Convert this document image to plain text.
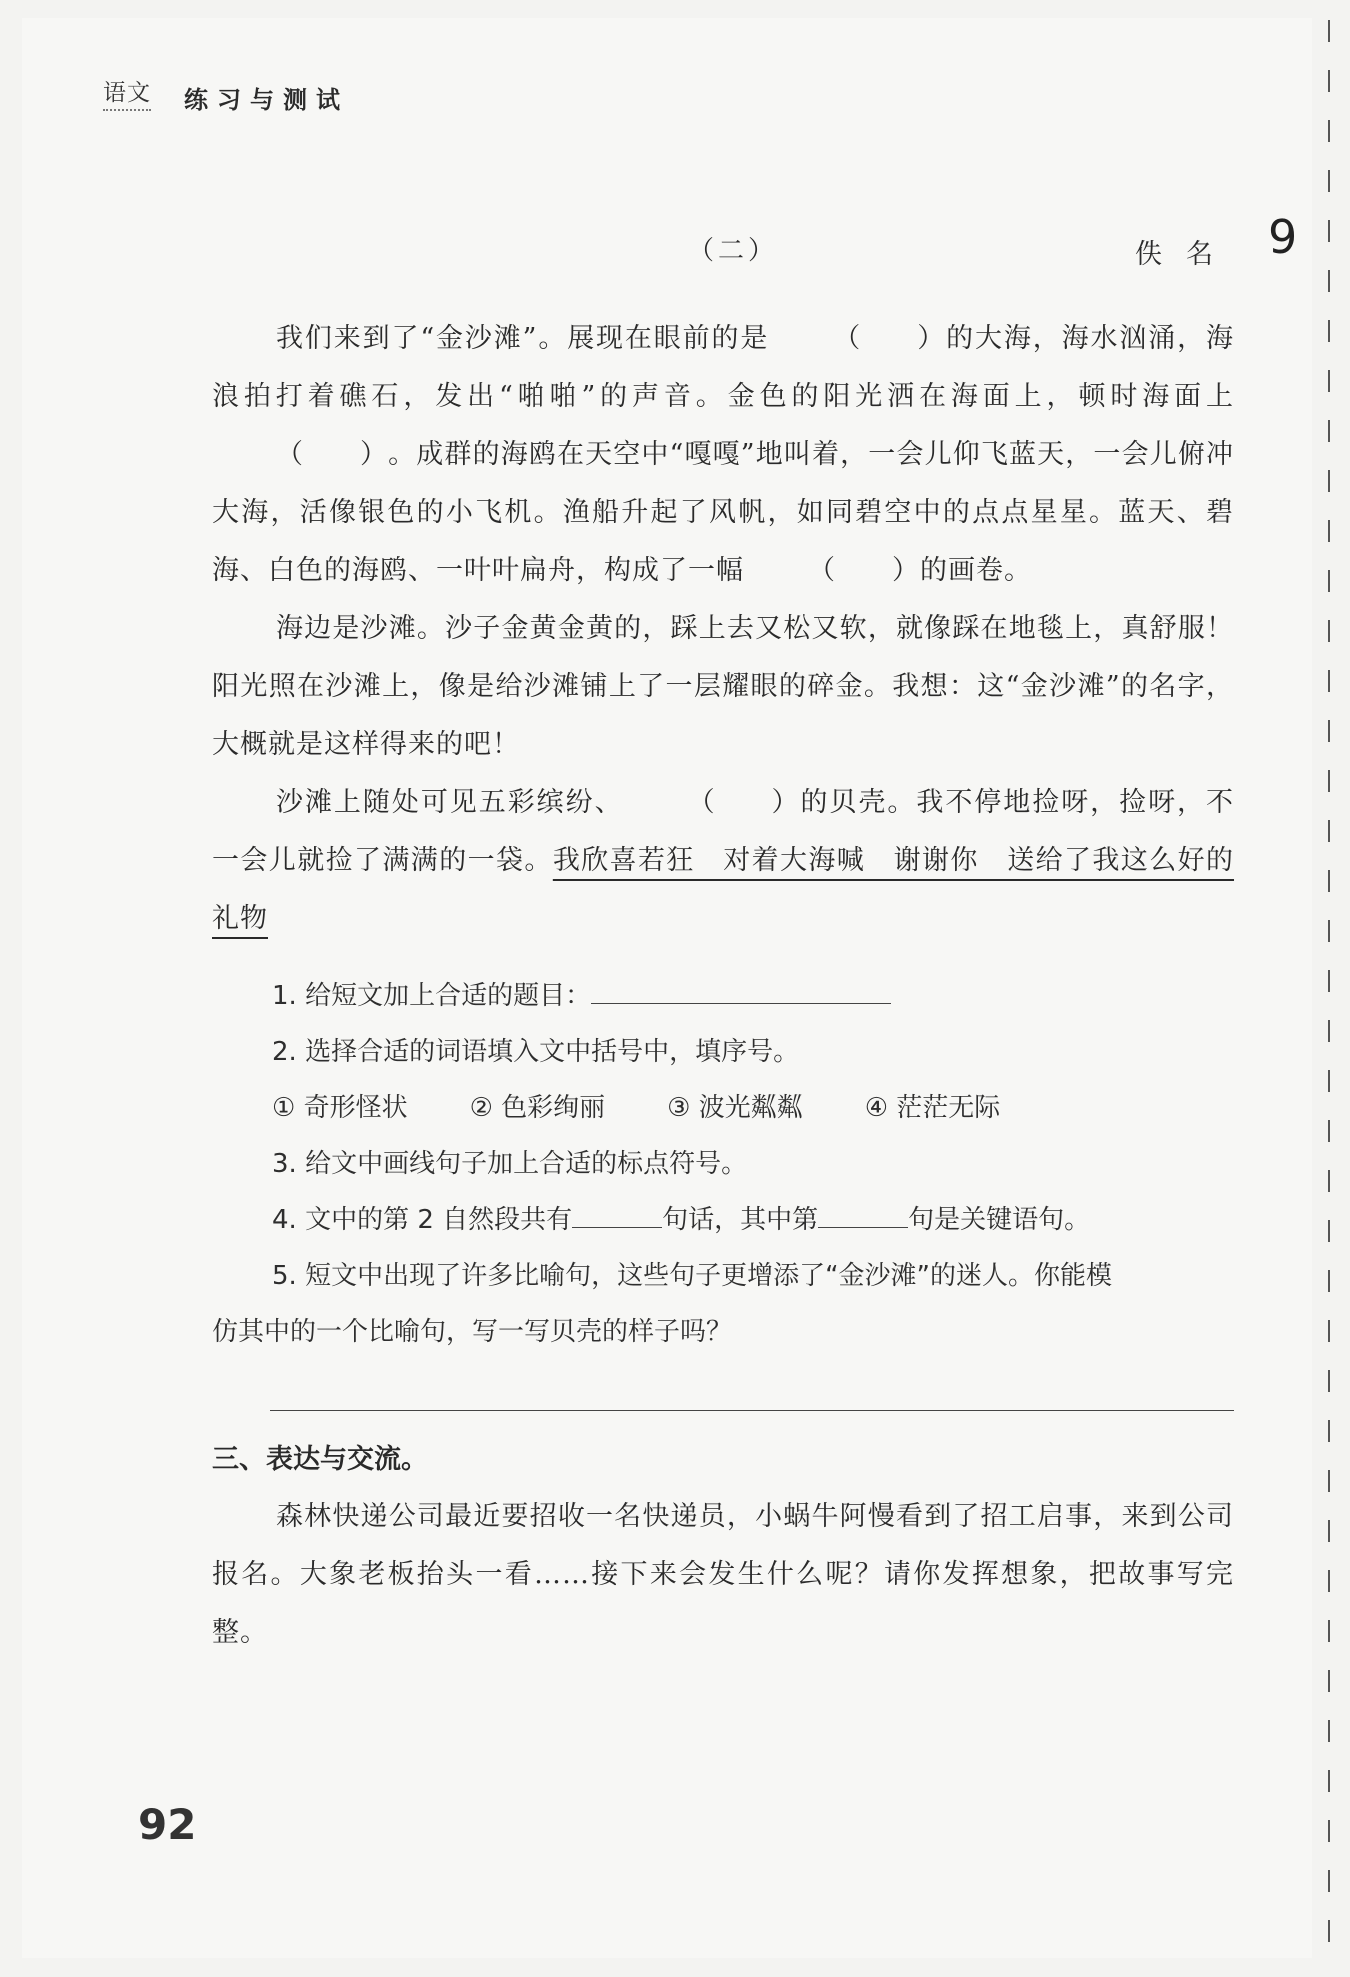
语文 练习与测试
（二）	佚名 9

我们来到了“金沙滩”。展现在眼前的是 （　　）的大海，海水汹涌，海浪拍打着礁石，发出“啪啪”的声音。金色的阳光洒在海面上，顿时海面上（　　）。成群的海鸥在天空中“嘎嘎”地叫着，一会儿仰飞蓝天，一会儿俯冲大海，活像银色的小飞机。渔船升起了风帆，如同碧空中的点点星星。蓝天、碧海、白色的海鸥、一叶叶扁舟，构成了一幅 （　　）的画卷。

海边是沙滩。沙子金黄金黄的，踩上去又松又软，就像踩在地毯上，真舒服！阳光照在沙滩上，像是给沙滩铺上了一层耀眼的碎金。我想：这“金沙滩”的名字，大概就是这样得来的吧！

沙滩上随处可见五彩缤纷、 （　　）的贝壳。我不停地捡呀，捡呀，不一会儿就捡了满满的一袋。我欣喜若狂　对着大海喊　谢谢你　送给了我这么好的礼物

1. 给短文加上合适的题目：

2. 选择合适的词语填入文中括号中，填序号。

① 奇形怪状 ② 色彩绚丽 ③ 波光粼粼 ④ 茫茫无际

3. 给文中画线句子加上合适的标点符号。

4. 文中的第 2 自然段共有	句话，其中第	句是关键语句。

5. 短文中出现了许多比喻句，这些句子更增添了“金沙滩”的迷人。你能模

仿其中的一个比喻句，写一写贝壳的样子吗？

三、表达与交流。

森林快递公司最近要招收一名快递员，小蜗牛阿慢看到了招工启事，来到公司报名。大象老板抬头一看……接下来会发生什么呢？请你发挥想象，把故事写完整。

92
